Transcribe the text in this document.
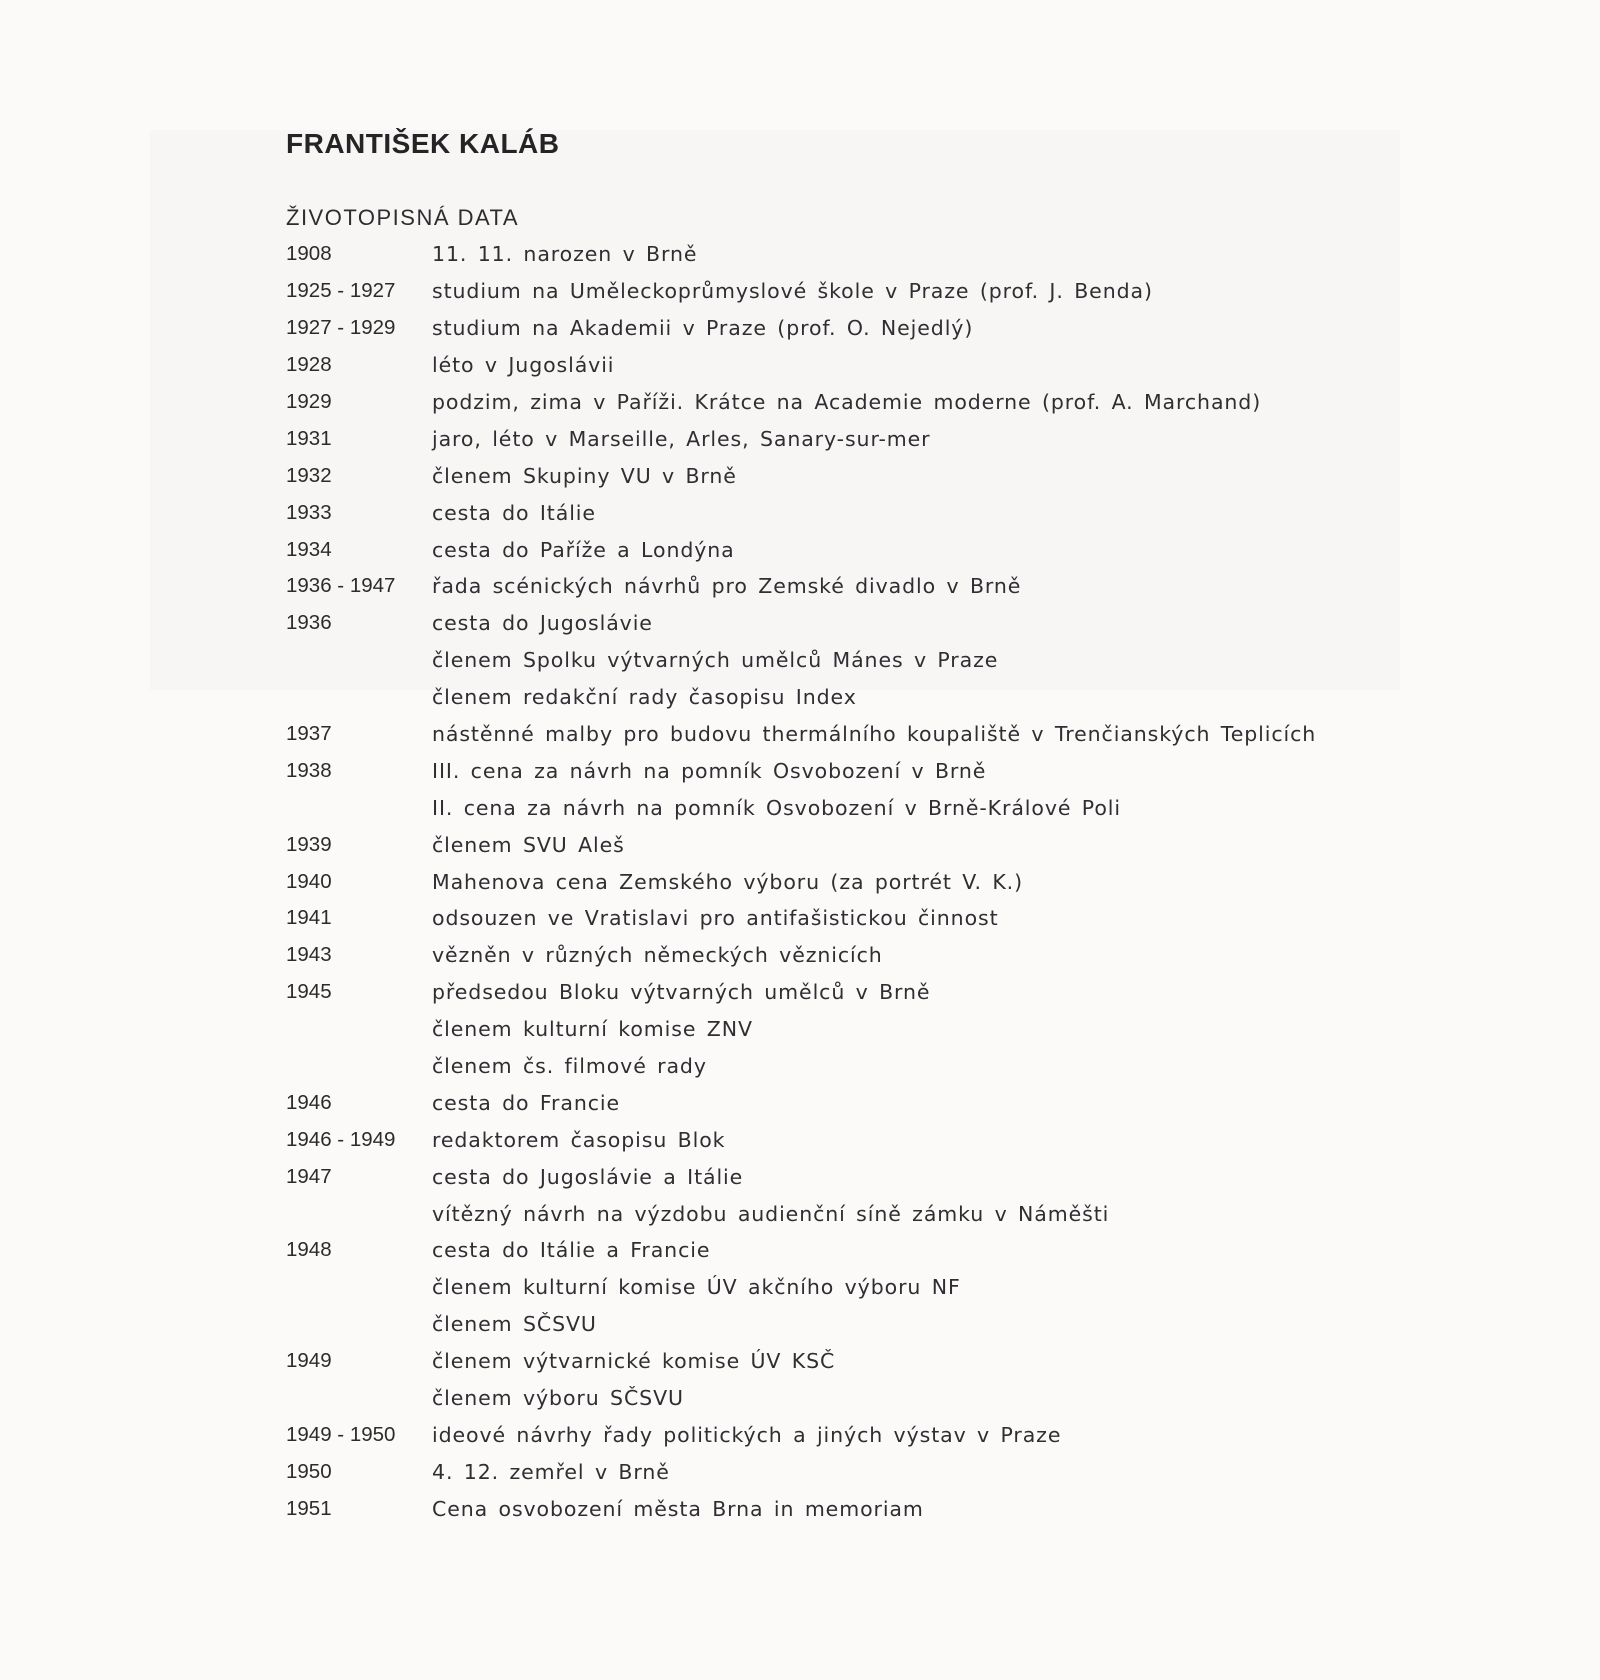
FRANTIŠEK KALÁB
ŽIVOTOPISNÁ DATA
1908	11. 11. narozen v Brně
1925 - 1927	studium na Uměleckoprůmyslové škole v Praze (prof. J. Benda)
1927 - 1929	studium na Akademii v Praze (prof. O. Nejedlý)
1928	léto v Jugoslávii
1929	podzim, zima v Paříži. Krátce na Academie moderne (prof. A. Marchand)
1931	jaro, léto v Marseille, Arles, Sanary-sur-mer
1932	členem Skupiny VU v Brně
1933	cesta do Itálie
1934	cesta do Paříže a Londýna
1936 - 1947	řada scénických návrhů pro Zemské divadlo v Brně
1936	cesta do Jugoslávie
členem Spolku výtvarných umělců Mánes v Praze
členem redakční rady časopisu Index
1937	nástěnné malby pro budovu thermálního koupaliště v Trenčianských Teplicích
1938	III. cena za návrh na pomník Osvobození v Brně
II. cena za návrh na pomník Osvobození v Brně-Králové Poli
1939	členem SVU Aleš
1940	Mahenova cena Zemského výboru (za portrét V. K.)
1941	odsouzen ve Vratislavi pro antifašistickou činnost
1943	vězněn v různých německých věznicích
1945	předsedou Bloku výtvarných umělců v Brně
členem kulturní komise ZNV
členem čs. filmové rady
1946	cesta do Francie
1946 - 1949	redaktorem časopisu Blok
1947	cesta do Jugoslávie a Itálie
vítězný návrh na výzdobu audienční síně zámku v Náměšti
1948	cesta do Itálie a Francie
členem kulturní komise ÚV akčního výboru NF
členem SČSVU
1949	členem výtvarnické komise ÚV KSČ
členem výboru SČSVU
1949 - 1950	ideové návrhy řady politických a jiných výstav v Praze
1950	4. 12. zemřel v Brně
1951	Cena osvobození města Brna in memoriam
